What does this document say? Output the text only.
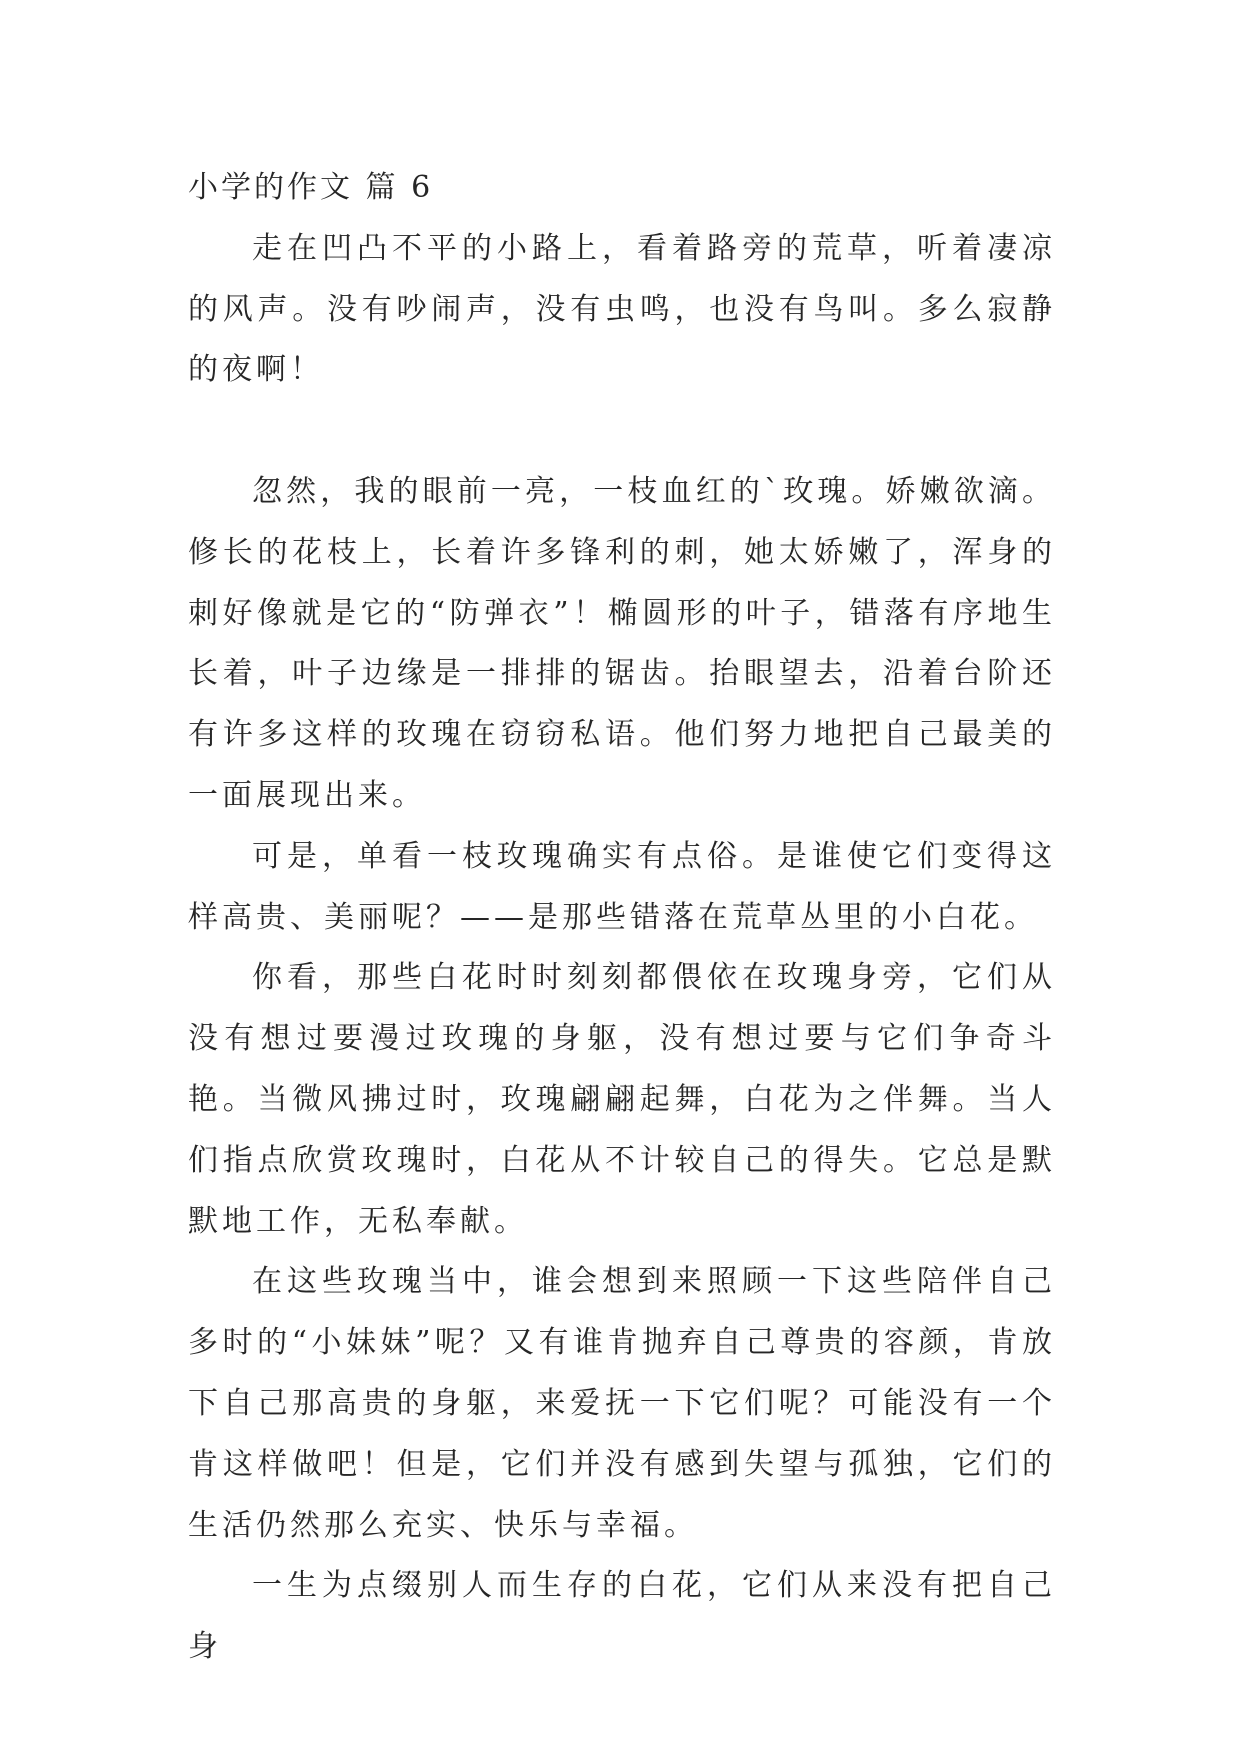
小学的作文 篇 6

走在凹凸不平的小路上，看着路旁的荒草，听着凄凉的风声。没有吵闹声，没有虫鸣，也没有鸟叫。多么寂静的夜啊！

忽然，我的眼前一亮，一枝血红的`玫瑰。娇嫩欲滴。修长的花枝上，长着许多锋利的刺，她太娇嫩了，浑身的刺好像就是它的“防弹衣”！椭圆形的叶子，错落有序地生长着，叶子边缘是一排排的锯齿。抬眼望去，沿着台阶还有许多这样的玫瑰在窃窃私语。他们努力地把自己最美的一面展现出来。

可是，单看一枝玫瑰确实有点俗。是谁使它们变得这样高贵、美丽呢？——是那些错落在荒草丛里的小白花。

你看，那些白花时时刻刻都偎依在玫瑰身旁，它们从没有想过要漫过玫瑰的身躯，没有想过要与它们争奇斗艳。当微风拂过时，玫瑰翩翩起舞，白花为之伴舞。当人们指点欣赏玫瑰时，白花从不计较自己的得失。它总是默默地工作，无私奉献。

在这些玫瑰当中，谁会想到来照顾一下这些陪伴自己多时的“小妹妹”呢？又有谁肯抛弃自己尊贵的容颜，肯放下自己那高贵的身躯，来爱抚一下它们呢？可能没有一个肯这样做吧！但是，它们并没有感到失望与孤独，它们的生活仍然那么充实、快乐与幸福。

一生为点缀别人而生存的白花，它们从来没有把自己身
